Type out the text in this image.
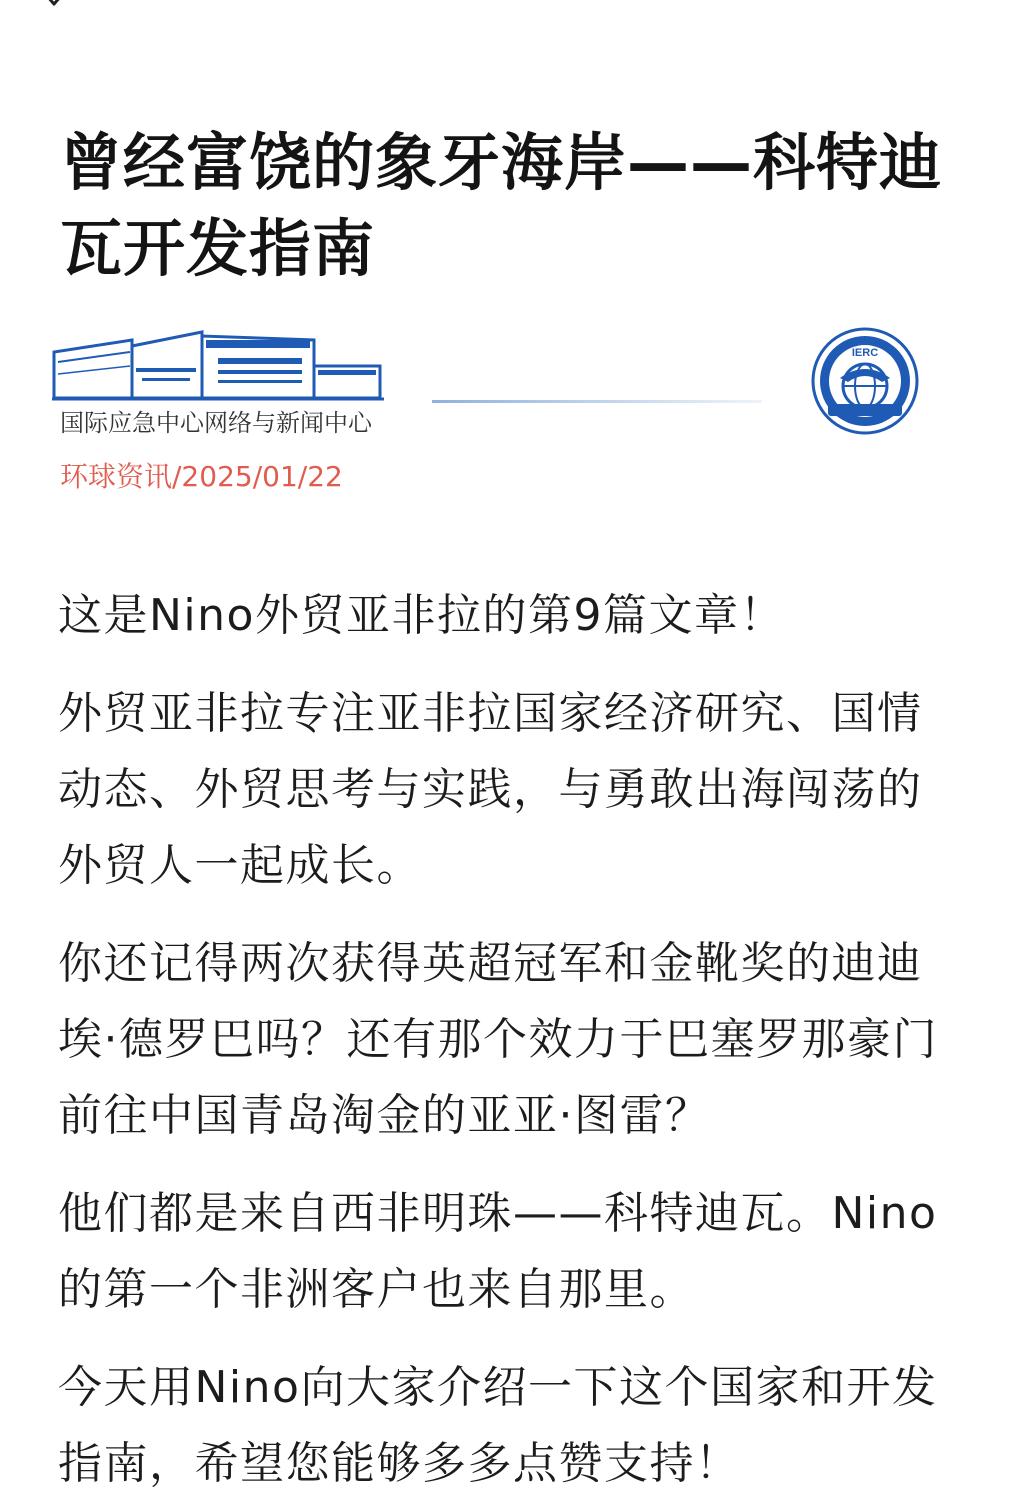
曾经富饶的象牙海岸——科特迪瓦开发指南
国际应急中心网络与新闻中心
环球资讯/2025/01/22
IERC

这是Nino外贸亚非拉的第9篇文章！

外贸亚非拉专注亚非拉国家经济研究、国情动态、外贸思考与实践，与勇敢出海闯荡的外贸人一起成长。

你还记得两次获得英超冠军和金靴奖的迪迪埃·德罗巴吗？还有那个效力于巴塞罗那豪门前往中国青岛淘金的亚亚·图雷？

他们都是来自西非明珠——科特迪瓦。Nino的第一个非洲客户也来自那里。

今天用Nino向大家介绍一下这个国家和开发指南，希望您能够多多点赞支持！
